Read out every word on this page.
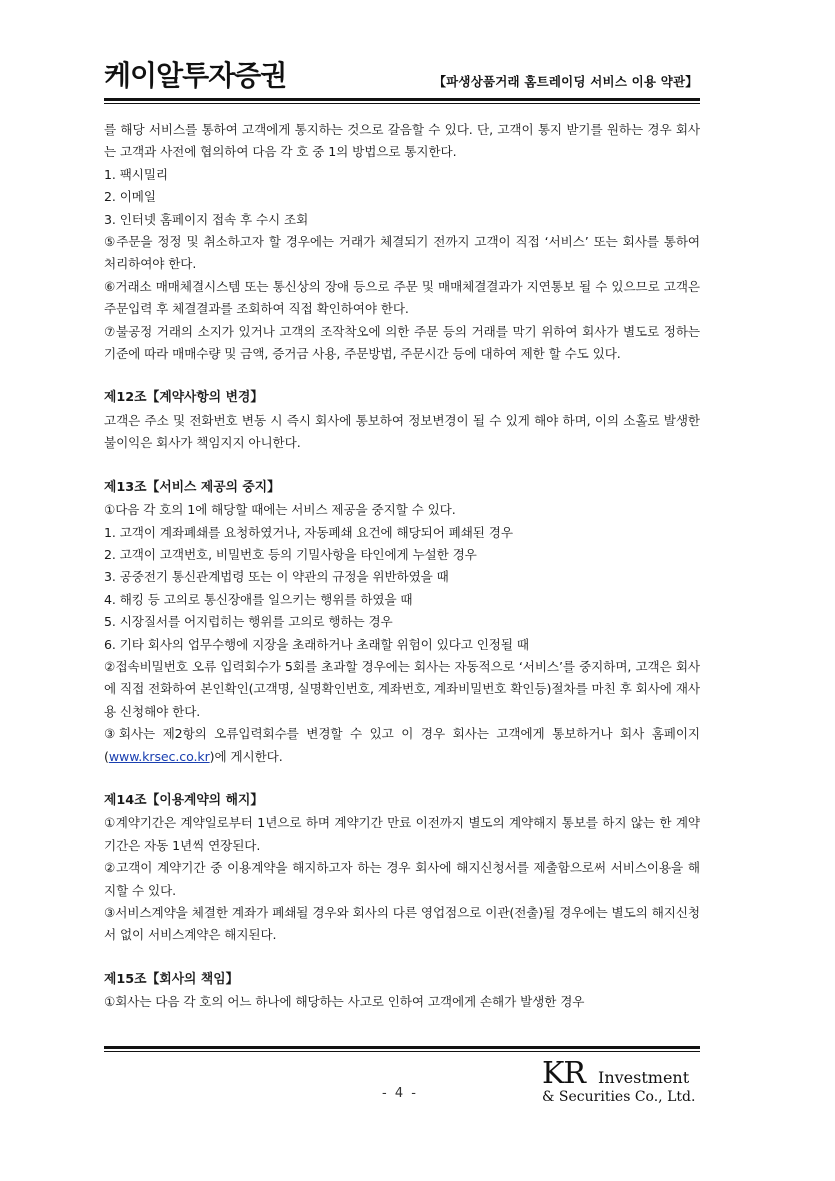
케이알투자증권	【파생상품거래 홈트레이딩 서비스 이용 약관】

를 해당 서비스를 통하여 고객에게 통지하는 것으로 갈음할 수 있다. 단, 고객이 통지 받기를 원하는 경우 회사는 고객과 사전에 협의하여 다음 각 호 중 1의 방법으로 통지한다.

1. 팩시밀리

2. 이메일

3. 인터넷 홈페이지 접속 후 수시 조회

⑤주문을 정정 및 취소하고자 할 경우에는 거래가 체결되기 전까지 고객이 직접 ‘서비스’ 또는 회사를 통하여 처리하여야 한다.

⑥거래소 매매체결시스템 또는 통신상의 장애 등으로 주문 및 매매체결결과가 지연통보 될 수 있으므로 고객은 주문입력 후 체결결과를 조회하여 직접 확인하여야 한다.

⑦불공정 거래의 소지가 있거나 고객의 조작착오에 의한 주문 등의 거래를 막기 위하여 회사가 별도로 정하는 기준에 따라 매매수량 및 금액, 증거금 사용, 주문방법, 주문시간 등에 대하여 제한 할 수도 있다.

제12조【계약사항의 변경】

고객은 주소 및 전화번호 변동 시 즉시 회사에 통보하여 정보변경이 될 수 있게 해야 하며, 이의 소홀로 발생한 불이익은 회사가 책임지지 아니한다.

제13조【서비스 제공의 중지】

①다음 각 호의 1에 해당할 때에는 서비스 제공을 중지할 수 있다.

1. 고객이 계좌폐쇄를 요청하였거나, 자동폐쇄 요건에 해당되어 폐쇄된 경우

2. 고객이 고객번호, 비밀번호 등의 기밀사항을 타인에게 누설한 경우

3. 공중전기 통신관계법령 또는 이 약관의 규정을 위반하였을 때

4. 해킹 등 고의로 통신장애를 일으키는 행위를 하였을 때

5. 시장질서를 어지럽히는 행위를 고의로 행하는 경우

6. 기타 회사의 업무수행에 지장을 초래하거나 초래할 위험이 있다고 인정될 때

②접속비밀번호 오류 입력회수가 5회를 초과할 경우에는 회사는 자동적으로 ‘서비스’를 중지하며, 고객은 회사에 직접 전화하여 본인확인(고객명, 실명확인번호, 계좌번호, 계좌비밀번호 확인등)절차를 마친 후 회사에 재사용 신청해야 한다.

③회사는 제2항의 오류입력회수를 변경할 수 있고 이 경우 회사는 고객에게 통보하거나 회사 홈페이지(www.krsec.co.kr)에 게시한다.

제14조【이용계약의 해지】

①계약기간은 계약일로부터 1년으로 하며 계약기간 만료 이전까지 별도의 계약해지 통보를 하지 않는 한 계약기간은 자동 1년씩 연장된다.

②고객이 계약기간 중 이용계약을 해지하고자 하는 경우 회사에 해지신청서를 제출함으로써 서비스이용을 해지할 수 있다.

③서비스계약을 체결한 계좌가 폐쇄될 경우와 회사의 다른 영업점으로 이관(전출)될 경우에는 별도의 해지신청서 없이 서비스계약은 해지된다.

제15조【회사의 책임】

①회사는 다음 각 호의 어느 하나에 해당하는 사고로 인하여 고객에게 손해가 발생한 경우

- 4 -
KR Investment
& Securities Co., Ltd.
